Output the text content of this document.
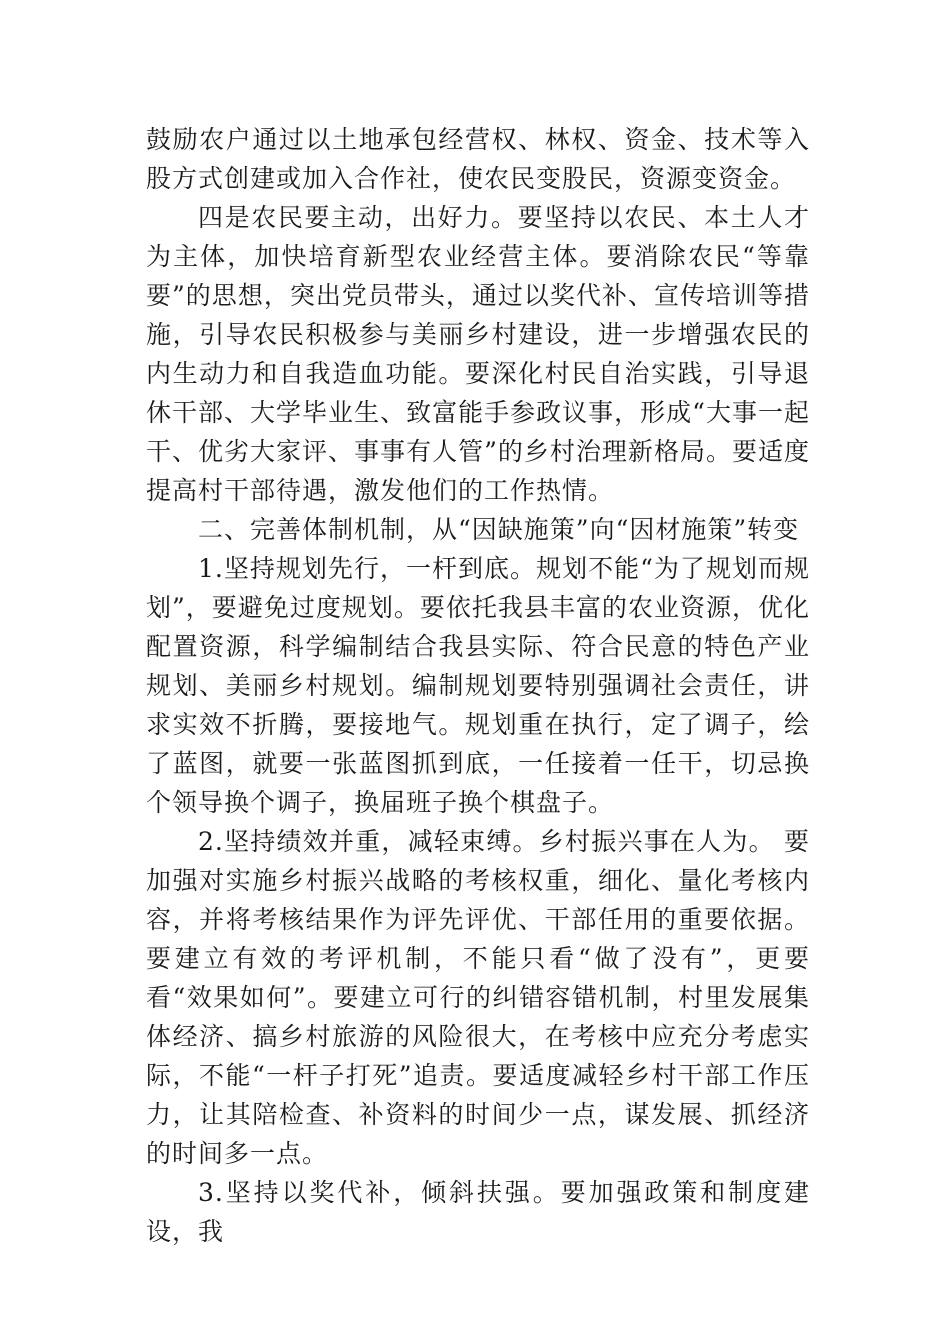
鼓励农户通过以土地承包经营权、林权、资金、技术等入股方式创建或加入合作社，使农民变股民，资源变资金。

四是农民要主动，出好力。要坚持以农民、本土人才为主体，加快培育新型农业经营主体。要消除农民“等靠要”的思想，突出党员带头，通过以奖代补、宣传培训等措施，引导农民积极参与美丽乡村建设，进一步增强农民的内生动力和自我造血功能。要深化村民自治实践，引导退休干部、大学毕业生、致富能手参政议事，形成“大事一起干、优劣大家评、事事有人管”的乡村治理新格局。要适度提高村干部待遇，激发他们的工作热情。

二、完善体制机制，从“因缺施策”向“因材施策”转变

1.坚持规划先行，一杆到底。规划不能“为了规划而规划”，要避免过度规划。要依托我县丰富的农业资源，优化配置资源，科学编制结合我县实际、符合民意的特色产业规划、美丽乡村规划。编制规划要特别强调社会责任，讲求实效不折腾，要接地气。规划重在执行，定了调子，绘了蓝图，就要一张蓝图抓到底，一任接着一任干，切忌换个领导换个调子，换届班子换个棋盘子。

2.坚持绩效并重，减轻束缚。乡村振兴事在人为。 要加强对实施乡村振兴战略的考核权重，细化、量化考核内容，并将考核结果作为评先评优、干部任用的重要依据。要建立有效的考评机制，不能只看“做了没有”，更要看“效果如何”。要建立可行的纠错容错机制，村里发展集体经济、搞乡村旅游的风险很大，在考核中应充分考虑实际，不能“一杆子打死”追责。要适度减轻乡村干部工作压力，让其陪检查、补资料的时间少一点，谋发展、抓经济的时间多一点。

3.坚持以奖代补，倾斜扶强。要加强政策和制度建设，我
